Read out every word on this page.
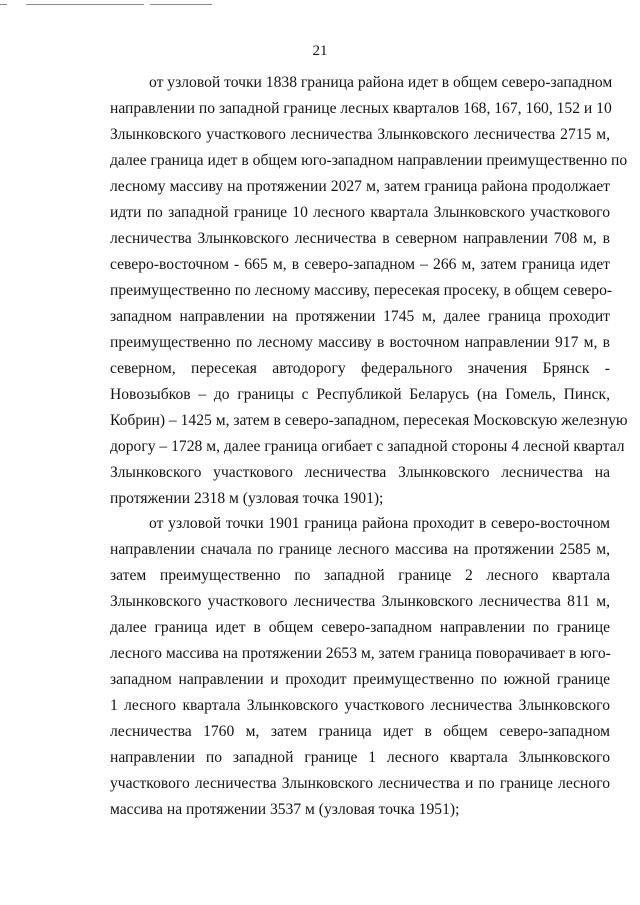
21

от узловой точки 1838 граница района идет в общем северо-западном
направлении по западной границе лесных кварталов 168, 167, 160, 152 и 10
Злынковского участкового лесничества Злынковского лесничества 2715 м,
далее граница идет в общем юго-западном направлении преимущественно по
лесному массиву на протяжении 2027 м, затем граница района продолжает
идти по западной границе 10 лесного квартала Злынковского участкового
лесничества Злынковского лесничества в северном направлении 708 м, в
северо-восточном - 665 м, в северо-западном – 266 м, затем граница идет
преимущественно по лесному массиву, пересекая просеку, в общем северо-
западном направлении на протяжении 1745 м, далее граница проходит
преимущественно по лесному массиву в восточном направлении 917 м, в
северном, пересекая автодорогу федерального значения Брянск -
Новозыбков – до границы с Республикой Беларусь (на Гомель, Пинск,
Кобрин) – 1425 м, затем в северо-западном, пересекая Московскую железную
дорогу – 1728 м, далее граница огибает с западной стороны 4 лесной квартал
Злынковского участкового лесничества Злынковского лесничества на
протяжении 2318 м (узловая точка 1901);

от узловой точки 1901 граница района проходит в северо-восточном
направлении сначала по границе лесного массива на протяжении 2585 м,
затем преимущественно по западной границе 2 лесного квартала
Злынковского участкового лесничества Злынковского лесничества 811 м,
далее граница идет в общем северо-западном направлении по границе
лесного массива на протяжении 2653 м, затем граница поворачивает в юго-
западном направлении и проходит преимущественно по южной границе
1 лесного квартала Злынковского участкового лесничества Злынковского
лесничества 1760 м, затем граница идет в общем северо-западном
направлении по западной границе 1 лесного квартала Злынковского
участкового лесничества Злынковского лесничества и по границе лесного
массива на протяжении 3537 м (узловая точка 1951);
